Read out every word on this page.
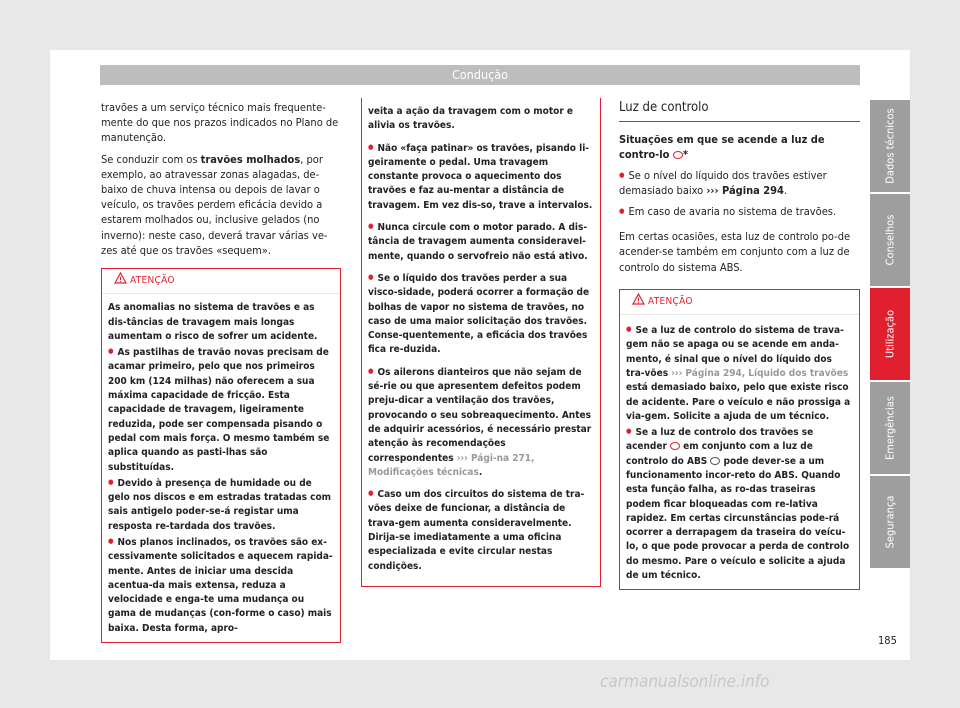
Condução

travões a um serviço técnico mais frequente-mente do que nos prazos indicados no Plano de manutenção.

Se conduzir com os travões molhados, por exemplo, ao atravessar zonas alagadas, de-baixo de chuva intensa ou depois de lavar o veículo, os travões perdem eficácia devido a estarem molhados ou, inclusive gelados (no inverno): neste caso, deverá travar várias ve-zes até que os travões «sequem».

ATENÇÃO

As anomalias no sistema de travões e as dis-tâncias de travagem mais longas aumentam o risco de sofrer um acidente.

● As pastilhas de travão novas precisam de acamar primeiro, pelo que nos primeiros 200 km (124 milhas) não oferecem a sua máxima capacidade de fricção. Esta capacidade de travagem, ligeiramente reduzida, pode ser compensada pisando o pedal com mais força. O mesmo também se aplica quando as pasti-lhas são substituídas.

● Devido à presença de humidade ou de gelo nos discos e em estradas tratadas com sais antigelo poder-se-á registar uma resposta re-tardada dos travões.

● Nos planos inclinados, os travões são ex-cessivamente solicitados e aquecem rapida-mente. Antes de iniciar uma descida acentua-da mais extensa, reduza a velocidade e enga-te uma mudança ou gama de mudanças (con-forme o caso) mais baixa. Desta forma, apro-

veita a ação da travagem com o motor e alivia os travões.

● Não «faça patinar» os travões, pisando li-geiramente o pedal. Uma travagem constante provoca o aquecimento dos travões e faz au-mentar a distância de travagem. Em vez dis-so, trave a intervalos.

● Nunca circule com o motor parado. A dis-tância de travagem aumenta consideravel-mente, quando o servofreio não está ativo.

● Se o líquido dos travões perder a sua visco-sidade, poderá ocorrer a formação de bolhas de vapor no sistema de travões, no caso de uma maior solicitação dos travões. Conse-quentemente, a eficácia dos travões fica re-duzida.

● Os ailerons dianteiros que não sejam de sé-rie ou que apresentem defeitos podem preju-dicar a ventilação dos travões, provocando o seu sobreaquecimento. Antes de adquirir acessórios, é necessário prestar atenção às recomendações correspondentes ››› Pági-na 271, Modificações técnicas.

● Caso um dos circuitos do sistema de tra-vões deixe de funcionar, a distância de trava-gem aumenta consideravelmente. Dirija-se imediatamente a uma oficina especializada e evite circular nestas condições.

Luz de controlo

Situações em que se acende a luz de contro-lo *

● Se o nível do líquido dos travões estiver demasiado baixo ››› Página 294.

● Em caso de avaria no sistema de travões.

Em certas ocasiões, esta luz de controlo po-de acender-se também em conjunto com a luz de controlo do sistema ABS.

ATENÇÃO

● Se a luz de controlo do sistema de trava-gem não se apaga ou se acende em anda-mento, é sinal que o nível do líquido dos tra-vões ››› Página 294, Líquido dos travões está demasiado baixo, pelo que existe risco de acidente. Pare o veículo e não prossiga a via-gem. Solicite a ajuda de um técnico.

● Se a luz de controlo dos travões se acender  em conjunto com a luz de controlo do ABS  pode dever-se a um funcionamento incor-reto do ABS. Quando esta função falha, as ro-das traseiras podem ficar bloqueadas com re-lativa rapidez. Em certas circunstâncias pode-rá ocorrer a derrapagem da traseira do veícu-lo, o que pode provocar a perda de controlo do mesmo. Pare o veículo e solicite a ajuda de um técnico.

Dados técnicos
Conselhos
Utilização
Emergências
Segurança
185
carmanualsonline.info
